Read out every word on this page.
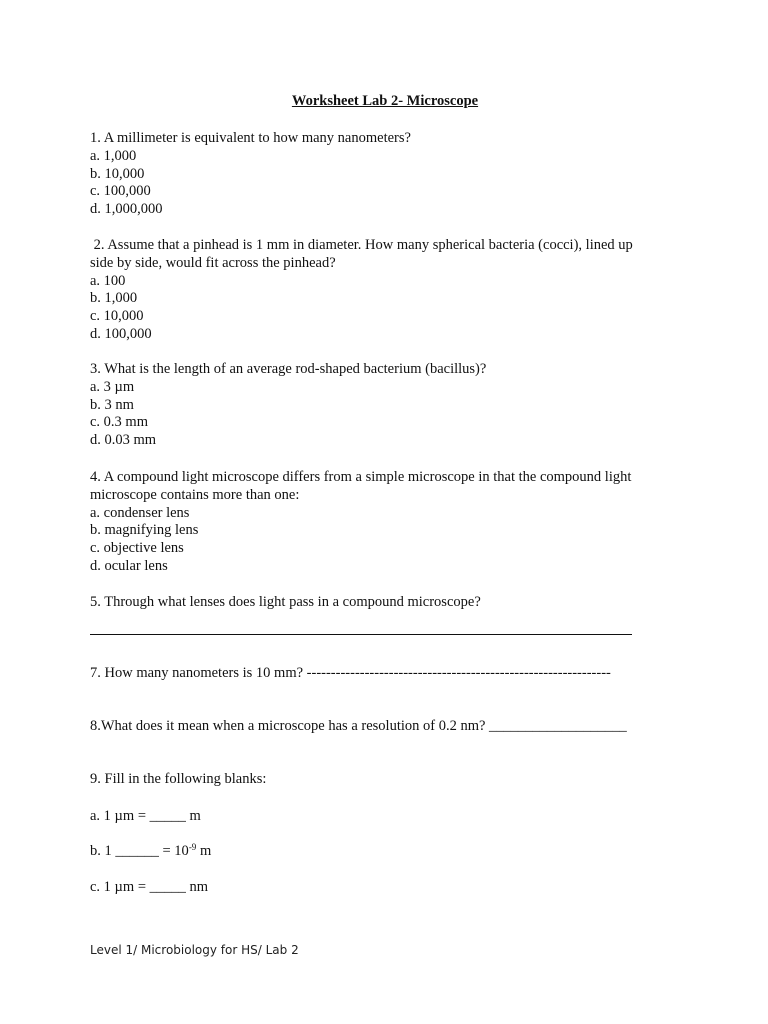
Worksheet Lab 2- Microscope
1. A millimeter is equivalent to how many nanometers?
a. 1,000
b. 10,000
c. 100,000
d. 1,000,000
2. Assume that a pinhead is 1 mm in diameter. How many spherical bacteria (cocci), lined up
side by side, would fit across the pinhead?
a. 100
b. 1,000
c. 10,000
d. 100,000
3. What is the length of an average rod-shaped bacterium (bacillus)?
a. 3 µm
b. 3 nm
c. 0.3 mm
d. 0.03 mm
4. A compound light microscope differs from a simple microscope in that the compound light
microscope contains more than one:
a. condenser lens
b. magnifying lens
c. objective lens
d. ocular lens
5. Through what lenses does light pass in a compound microscope?
7. How many nanometers is 10 mm? ---------------------------------------------------------------
8.What does it mean when a microscope has a resolution of 0.2 nm? ___________________
9. Fill in the following blanks:
a. 1 µm = _____ m
b. 1 ______ = $10^{-9}$ m
c. 1 µm = _____ nm
Level 1/ Microbiology for HS/ Lab 2
